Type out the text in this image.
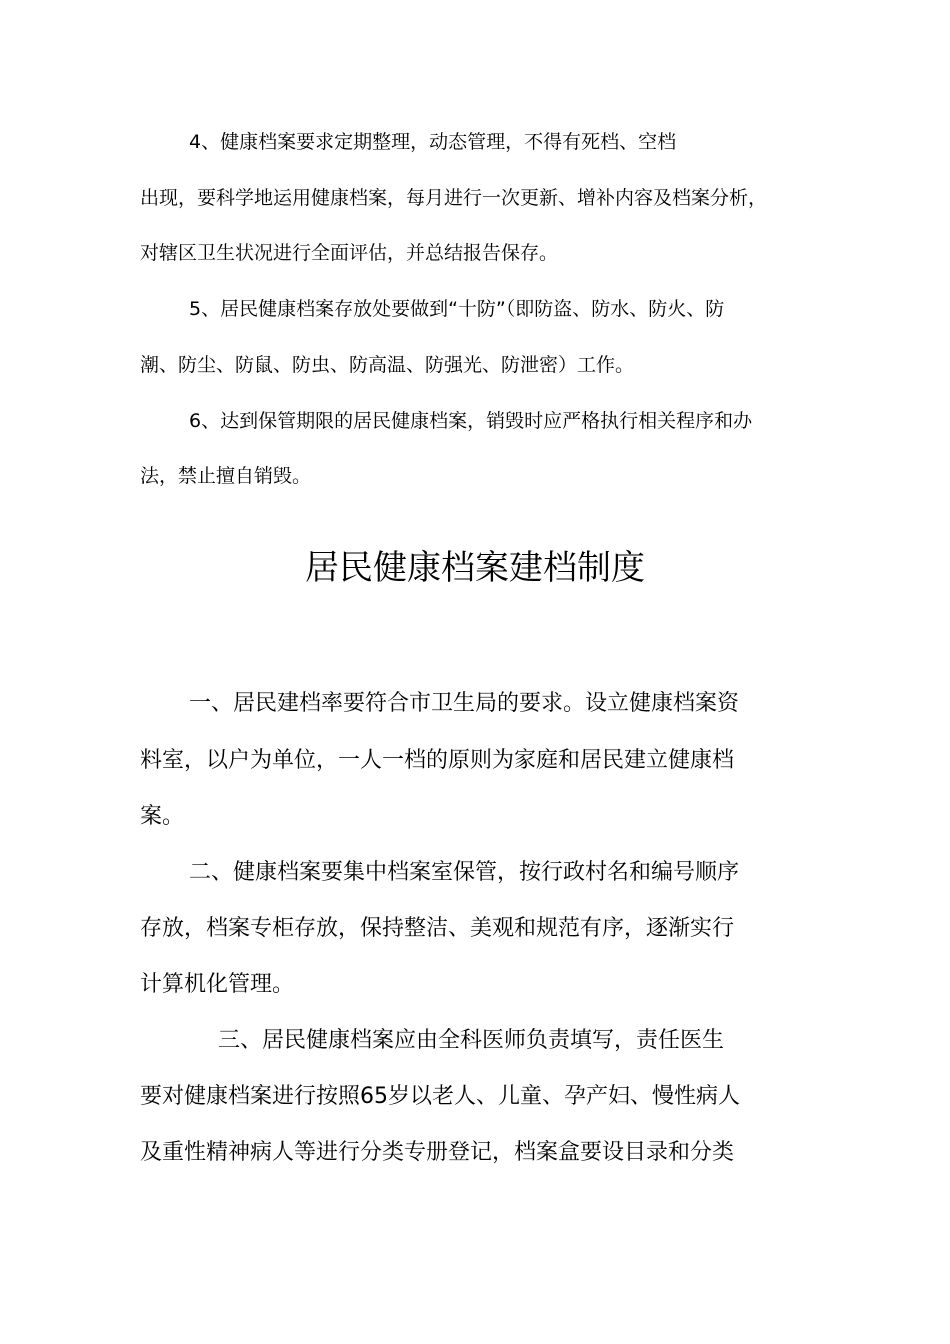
4、健康档案要求定期整理，动态管理，不得有死档、空档
出现，要科学地运用健康档案，每月进行一次更新、增补内容及档案分析，
对辖区卫生状况进行全面评估，并总结报告保存。
5、居民健康档案存放处要做到“十防”（即防盗、防水、防火、防
潮、防尘、防鼠、防虫、防高温、防强光、防泄密）工作。
6、达到保管期限的居民健康档案，销毁时应严格执行相关程序和办
法，禁止擅自销毁。
居民健康档案建档制度
一、居民建档率要符合市卫生局的要求。设立健康档案资
料室，以户为单位，一人一档的原则为家庭和居民建立健康档
案。
二、健康档案要集中档案室保管，按行政村名和编号顺序
存放，档案专柜存放，保持整洁、美观和规范有序，逐渐实行
计算机化管理。
三、居民健康档案应由全科医师负责填写，责任医生
要对健康档案进行按照65岁以老人、儿童、孕产妇、慢性病人
及重性精神病人等进行分类专册登记，档案盒要设目录和分类
